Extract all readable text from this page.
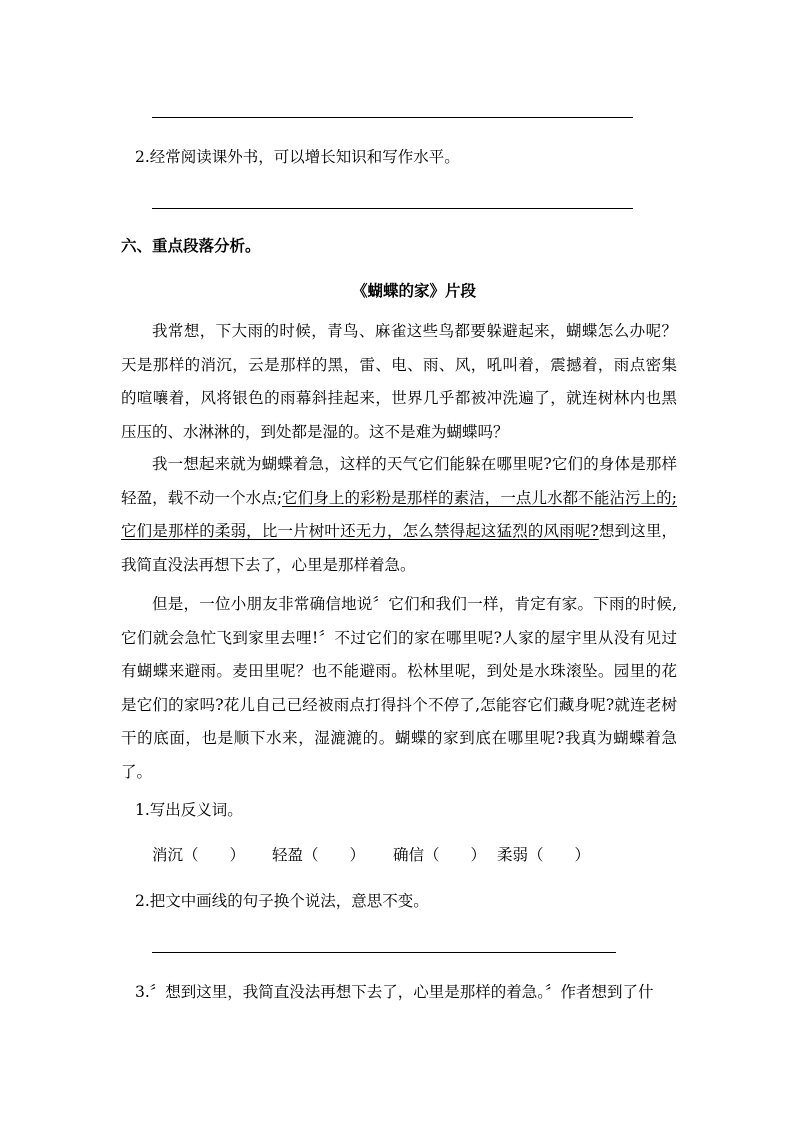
2.经常阅读课外书，可以增长知识和写作水平。
六、重点段落分析。
《蝴蝶的家》片段
我常想，下大雨的时候，青鸟、麻雀这些鸟都要躲避起来，蝴蝶怎么办呢？天是那样的消沉，云是那样的黑，雷、电、雨、风，吼叫着，震撼着，雨点密集的喧嚷着，风将银色的雨幕斜挂起来，世界几乎都被冲洗遍了，就连树林内也黑压压的、水淋淋的，到处都是湿的。这不是难为蝴蝶吗？
我一想起来就为蝴蝶着急，这样的天气它们能躲在哪里呢?它们的身体是那样轻盈，载不动一个水点;它们身上的彩粉是那样的素洁，一点儿水都不能沾污上的;它们是那样的柔弱，比一片树叶还无力，怎么禁得起这猛烈的风雨呢?想到这里，我简直没法再想下去了，心里是那样着急。
但是，一位小朋友非常确信地说〞它们和我们一样，肯定有家。下雨的时候,它们就会急忙飞到家里去哩!〞不过它们的家在哪里呢?人家的屋宇里从没有见过有蝴蝶来避雨。麦田里呢？也不能避雨。松林里呢，到处是水珠滚坠。园里的花是它们的家吗?花儿自己已经被雨点打得抖个不停了,怎能容它们藏身呢?就连老树干的底面，也是顺下水来，湿漉漉的。蝴蝶的家到底在哪里呢?我真为蝴蝶着急了。
1.写出反义词。
消沉（　　） 轻盈（　　） 确信（　　） 柔弱（　　）
2.把文中画线的句子换个说法，意思不变。
3.〞想到这里，我简直没法再想下去了，心里是那样的着急。〞作者想到了什
